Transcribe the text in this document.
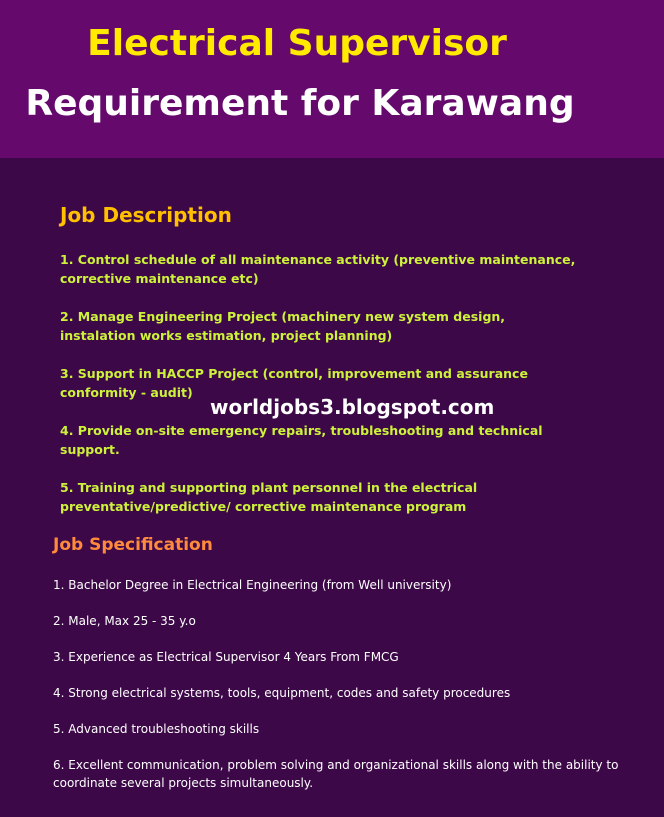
Electrical Supervisor
Requirement for Karawang
Job Description
1. Control schedule of all maintenance activity (preventive maintenance, corrective maintenance etc)
2. Manage Engineering Project (machinery new system design, instalation works estimation, project planning)
3. Support in HACCP Project (control, improvement and assurance conformity - audit)
4. Provide on-site emergency repairs, troubleshooting and technical support.
5. Training and supporting plant personnel in the electrical preventative/predictive/ corrective maintenance program
worldjobs3.blogspot.com
Job Specification
1. Bachelor Degree in Electrical Engineering (from Well university)
2. Male, Max 25 - 35 y.o
3. Experience as Electrical Supervisor 4 Years From FMCG
4. Strong electrical systems, tools, equipment, codes and safety procedures
5. Advanced troubleshooting skills
6. Excellent communication, problem solving and organizational skills along with the ability to coordinate several projects simultaneously.
